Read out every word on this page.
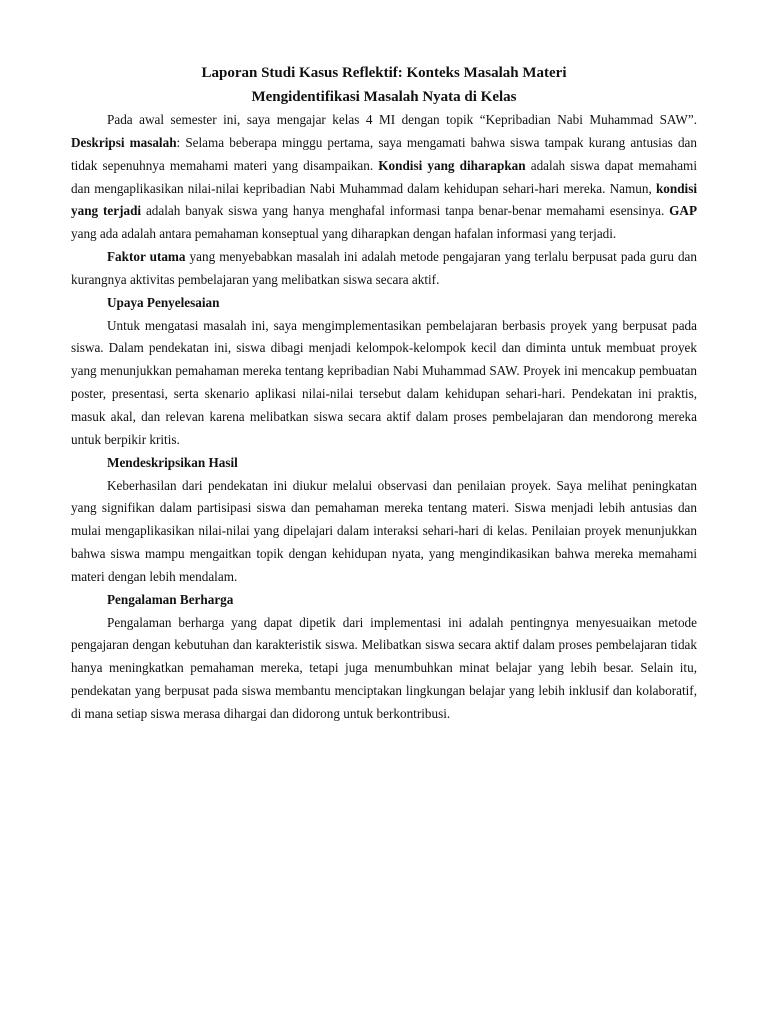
Laporan Studi Kasus Reflektif: Konteks Masalah Materi
Mengidentifikasi Masalah Nyata di Kelas

Pada awal semester ini, saya mengajar kelas 4 MI dengan topik “Kepribadian Nabi Muhammad SAW”. Deskripsi masalah: Selama beberapa minggu pertama, saya mengamati bahwa siswa tampak kurang antusias dan tidak sepenuhnya memahami materi yang disampaikan. Kondisi yang diharapkan adalah siswa dapat memahami dan mengaplikasikan nilai-nilai kepribadian Nabi Muhammad dalam kehidupan sehari-hari mereka. Namun, kondisi yang terjadi adalah banyak siswa yang hanya menghafal informasi tanpa benar-benar memahami esensinya. GAP yang ada adalah antara pemahaman konseptual yang diharapkan dengan hafalan informasi yang terjadi.

Faktor utama yang menyebabkan masalah ini adalah metode pengajaran yang terlalu berpusat pada guru dan kurangnya aktivitas pembelajaran yang melibatkan siswa secara aktif.

Upaya Penyelesaian

Untuk mengatasi masalah ini, saya mengimplementasikan pembelajaran berbasis proyek yang berpusat pada siswa. Dalam pendekatan ini, siswa dibagi menjadi kelompok-kelompok kecil dan diminta untuk membuat proyek yang menunjukkan pemahaman mereka tentang kepribadian Nabi Muhammad SAW. Proyek ini mencakup pembuatan poster, presentasi, serta skenario aplikasi nilai-nilai tersebut dalam kehidupan sehari-hari. Pendekatan ini praktis, masuk akal, dan relevan karena melibatkan siswa secara aktif dalam proses pembelajaran dan mendorong mereka untuk berpikir kritis.

Mendeskripsikan Hasil

Keberhasilan dari pendekatan ini diukur melalui observasi dan penilaian proyek. Saya melihat peningkatan yang signifikan dalam partisipasi siswa dan pemahaman mereka tentang materi. Siswa menjadi lebih antusias dan mulai mengaplikasikan nilai-nilai yang dipelajari dalam interaksi sehari-hari di kelas. Penilaian proyek menunjukkan bahwa siswa mampu mengaitkan topik dengan kehidupan nyata, yang mengindikasikan bahwa mereka memahami materi dengan lebih mendalam.

Pengalaman Berharga

Pengalaman berharga yang dapat dipetik dari implementasi ini adalah pentingnya menyesuaikan metode pengajaran dengan kebutuhan dan karakteristik siswa. Melibatkan siswa secara aktif dalam proses pembelajaran tidak hanya meningkatkan pemahaman mereka, tetapi juga menumbuhkan minat belajar yang lebih besar. Selain itu, pendekatan yang berpusat pada siswa membantu menciptakan lingkungan belajar yang lebih inklusif dan kolaboratif, di mana setiap siswa merasa dihargai dan didorong untuk berkontribusi.
